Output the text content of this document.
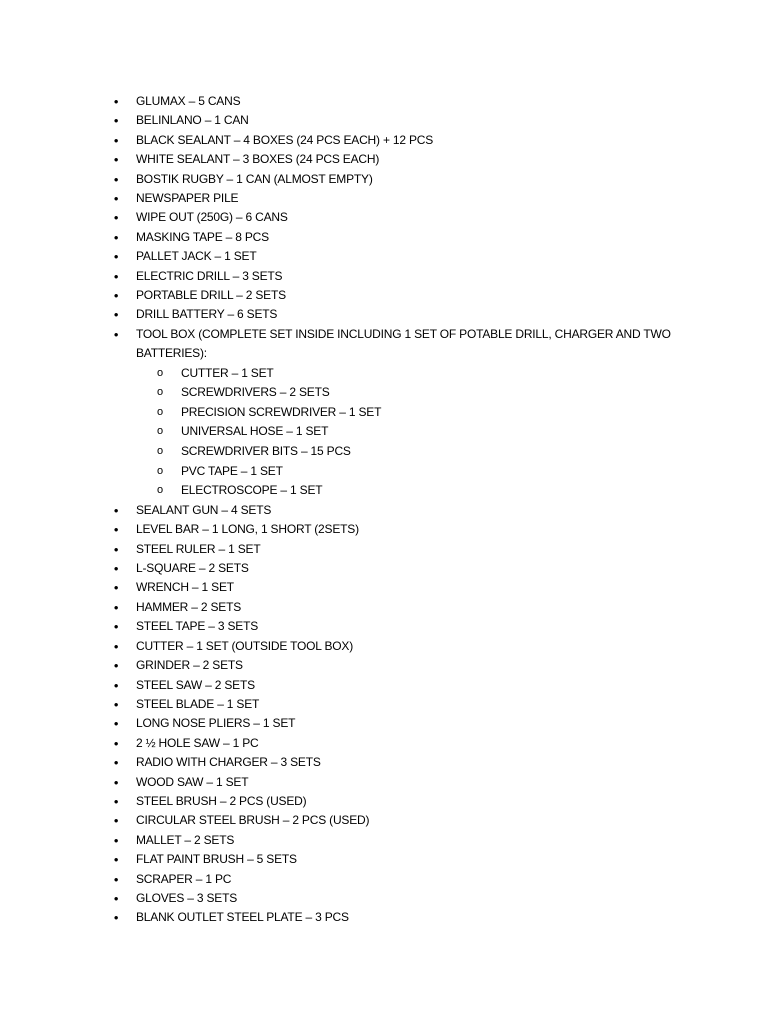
• GLUMAX – 5 CANS
• BELINLANO – 1 CAN
• BLACK SEALANT – 4 BOXES (24 PCS EACH) + 12 PCS
• WHITE SEALANT – 3 BOXES (24 PCS EACH)
• BOSTIK RUGBY – 1 CAN (ALMOST EMPTY)
• NEWSPAPER PILE
• WIPE OUT (250G) – 6 CANS
• MASKING TAPE – 8 PCS
• PALLET JACK – 1 SET
• ELECTRIC DRILL – 3 SETS
• PORTABLE DRILL – 2 SETS
• DRILL BATTERY – 6 SETS
• TOOL BOX (COMPLETE SET INSIDE INCLUDING 1 SET OF POTABLE DRILL, CHARGER AND TWO BATTERIES):
o CUTTER – 1 SET
o SCREWDRIVERS – 2 SETS
o PRECISION SCREWDRIVER – 1 SET
o UNIVERSAL HOSE – 1 SET
o SCREWDRIVER BITS – 15 PCS
o PVC TAPE – 1 SET
o ELECTROSCOPE – 1 SET
• SEALANT GUN – 4 SETS
• LEVEL BAR – 1 LONG, 1 SHORT (2SETS)
• STEEL RULER – 1 SET
• L-SQUARE – 2 SETS
• WRENCH – 1 SET
• HAMMER – 2 SETS
• STEEL TAPE – 3 SETS
• CUTTER – 1 SET (OUTSIDE TOOL BOX)
• GRINDER – 2 SETS
• STEEL SAW – 2 SETS
• STEEL BLADE – 1 SET
• LONG NOSE PLIERS – 1 SET
• 2 ½ HOLE SAW – 1 PC
• RADIO WITH CHARGER – 3 SETS
• WOOD SAW – 1 SET
• STEEL BRUSH – 2 PCS (USED)
• CIRCULAR STEEL BRUSH – 2 PCS (USED)
• MALLET – 2 SETS
• FLAT PAINT BRUSH – 5 SETS
• SCRAPER – 1 PC
• GLOVES – 3 SETS
• BLANK OUTLET STEEL PLATE – 3 PCS
